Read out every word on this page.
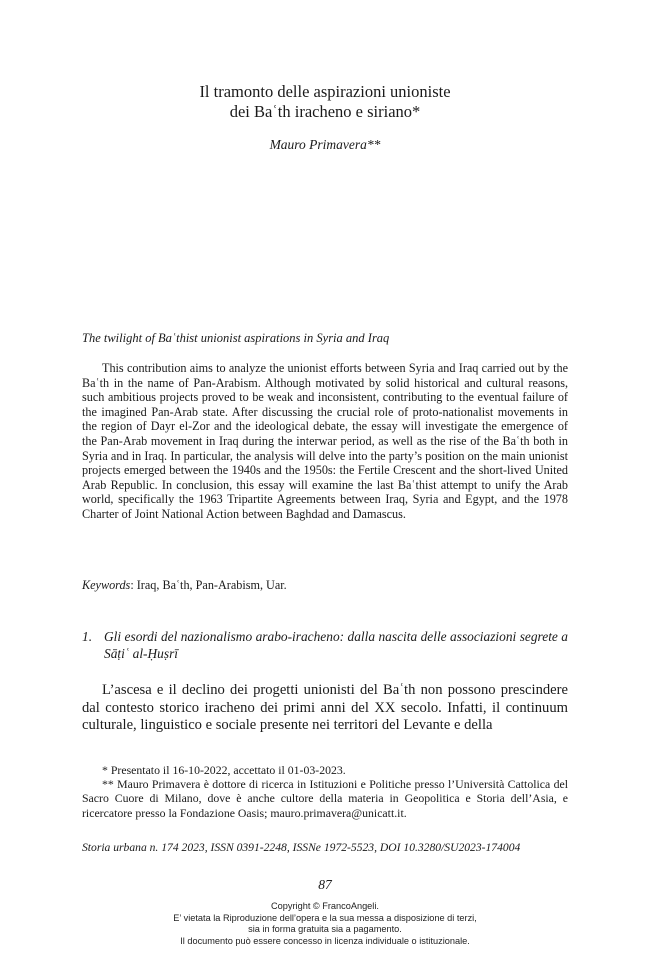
Il tramonto delle aspirazioni unioniste
dei Baʿth iracheno e siriano*
Mauro Primavera**
The twilight of Baʿthist unionist aspirations in Syria and Iraq

This contribution aims to analyze the unionist efforts between Syria and Iraq carried out by the Baʿth in the name of Pan-Arabism. Although motivated by solid historical and cultural reasons, such ambitious projects proved to be weak and inconsistent, contributing to the eventual failure of the imagined Pan-Arab state. After discussing the crucial role of proto-nationalist movements in the region of Dayr el-Zor and the ideological debate, the essay will investigate the emergence of the Pan-Arab movement in Iraq during the interwar period, as well as the rise of the Baʿth both in Syria and in Iraq. In particular, the analysis will delve into the party’s position on the main unionist projects emerged between the 1940s and the 1950s: the Fertile Crescent and the short-lived United Arab Republic. In conclusion, this essay will examine the last Baʿthist attempt to unify the Arab world, specifically the 1963 Tripartite Agreements between Iraq, Syria and Egypt, and the 1978 Charter of Joint National Action between Baghdad and Damascus.

Keywords: Iraq, Baʿth, Pan-Arabism, Uar.
1. Gli esordi del nazionalismo arabo-iracheno: dalla nascita delle associazioni segrete a Sāṭiʿ al-Ḥuṣrī

L’ascesa e il declino dei progetti unionisti del Baʿth non possono prescindere dal contesto storico iracheno dei primi anni del XX secolo. Infatti, il continuum culturale, linguistico e sociale presente nei territori del Levante e della

* Presentato il 16-10-2022, accettato il 01-03-2023.

** Mauro Primavera è dottore di ricerca in Istituzioni e Politiche presso l’Università Cattolica del Sacro Cuore di Milano, dove è anche cultore della materia in Geopolitica e Storia dell’Asia, e ricercatore presso la Fondazione Oasis; mauro.primavera@unicatt.it.

Storia urbana n. 174 2023, ISSN 0391-2248, ISSNe 1972-5523, DOI 10.3280/SU2023-174004
87
Copyright © FrancoAngeli.
E’ vietata la Riproduzione dell’opera e la sua messa a disposizione di terzi,
sia in forma gratuita sia a pagamento.
Il documento può essere concesso in licenza individuale o istituzionale.
